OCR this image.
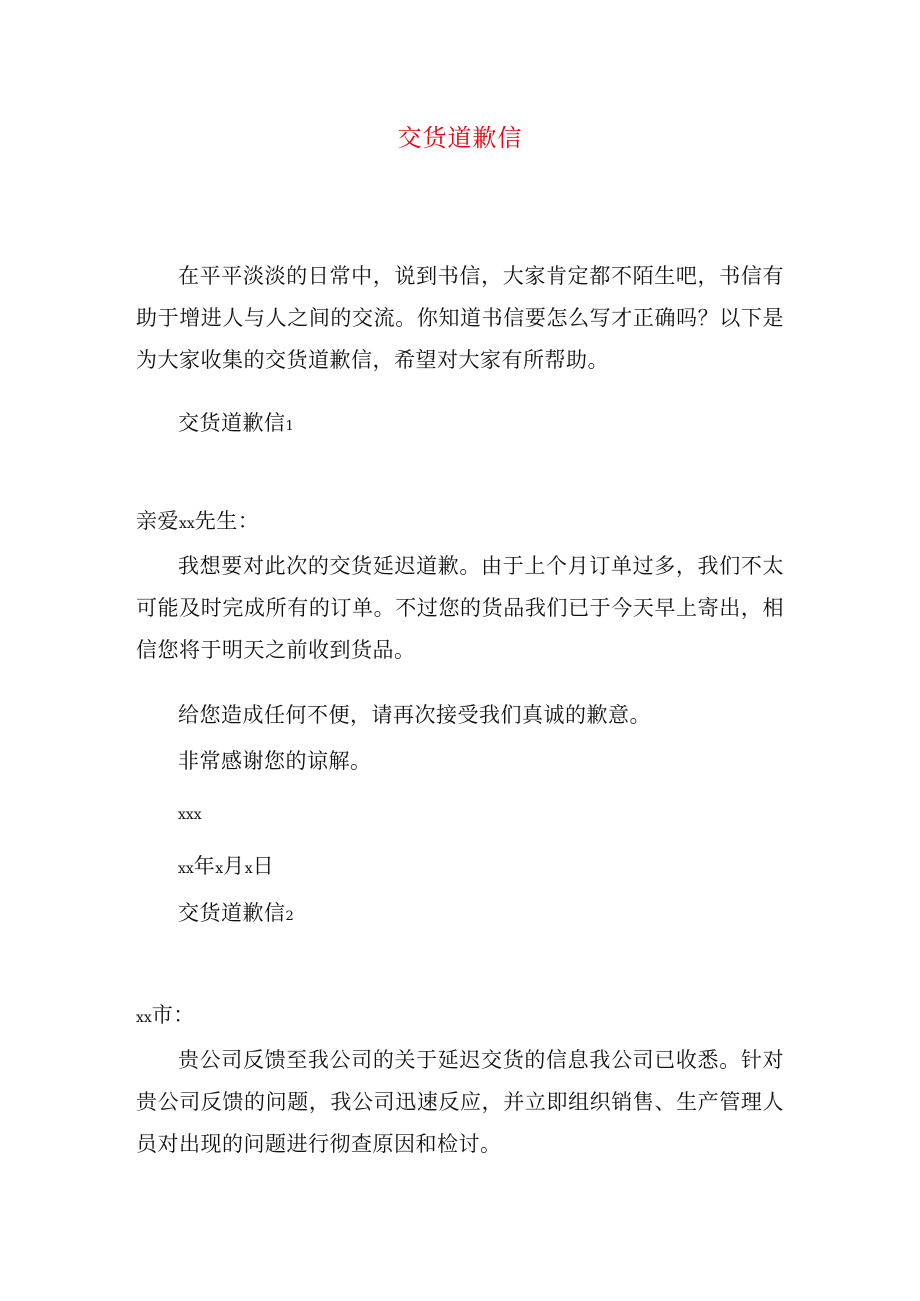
交货道歉信
在平平淡淡的日常中，说到书信，大家肯定都不陌生吧，书信有助于增进人与人之间的交流。你知道书信要怎么写才正确吗？以下是为大家收集的交货道歉信，希望对大家有所帮助。
交货道歉信1
亲爱xx先生：
我想要对此次的交货延迟道歉。由于上个月订单过多，我们不太可能及时完成所有的订单。不过您的货品我们已于今天早上寄出，相信您将于明天之前收到货品。
给您造成任何不便，请再次接受我们真诚的歉意。
非常感谢您的谅解。
xxx
xx年x月x日
交货道歉信2
xx市：
贵公司反馈至我公司的关于延迟交货的信息我公司已收悉。针对贵公司反馈的问题，我公司迅速反应，并立即组织销售、生产管理人员对出现的问题进行彻查原因和检讨。
